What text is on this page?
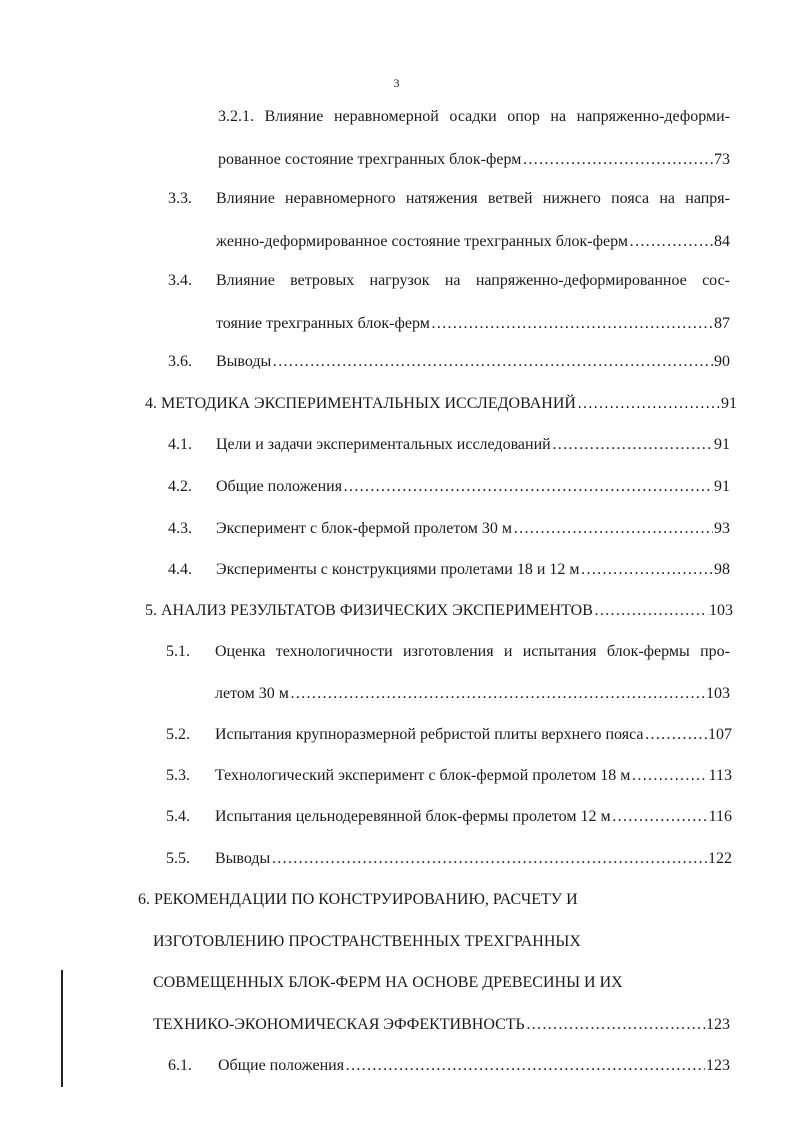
3
3.2.1. Влияние неравномерной осадки опор на напряженно-деформи-
рованное состояние трехгранных блок-ферм …………………………………………………………………………………………………………………………………………………………	73
3.3. Влияние неравномерного натяжения ветвей нижнего пояса на напря-
женно-деформированное состояние трехгранных блок-ферм …………………………………………………………………………………………………………………………………………………………	84
3.4. Влияние ветровых нагрузок на напряженно-деформированное сос-
тояние трехгранных блок-ферм …………………………………………………………………………………………………………………………………………………………	87
3.6. Выводы …………………………………………………………………………………………………………………………………………………………	90
4. МЕТОДИКА ЭКСПЕРИМЕНТАЛЬНЫХ ИССЛЕДОВАНИЙ …………………………………………………………………………………………………………………………………………………………	91
4.1. Цели и задачи экспериментальных исследований …………………………………………………………………………………………………………………………………………………………	91
4.2. Общие положения …………………………………………………………………………………………………………………………………………………………	91
4.3. Эксперимент с блок-фермой пролетом 30 м …………………………………………………………………………………………………………………………………………………………	93
4.4. Эксперименты с конструкциями пролетами 18 и 12 м …………………………………………………………………………………………………………………………………………………………	98
5. АНАЛИЗ РЕЗУЛЬТАТОВ ФИЗИЧЕСКИХ ЭКСПЕРИМЕНТОВ …………………………………………………………………………………………………………………………………………………………	103
5.1. Оценка технологичности изготовления и испытания блок-фермы про-
летом 30 м …………………………………………………………………………………………………………………………………………………………	103
5.2. Испытания крупноразмерной ребристой плиты верхнего пояса …………………………………………………………………………………………………………………………………………………………	107
5.3. Технологический эксперимент с блок-фермой пролетом 18 м …………………………………………………………………………………………………………………………………………………………	113
5.4. Испытания цельнодеревянной блок-фермы пролетом 12 м …………………………………………………………………………………………………………………………………………………………	116
5.5. Выводы …………………………………………………………………………………………………………………………………………………………	122
6. РЕКОМЕНДАЦИИ ПО КОНСТРУИРОВАНИЮ, РАСЧЕТУ И
ИЗГОТОВЛЕНИЮ ПРОСТРАНСТВЕННЫХ ТРЕХГРАННЫХ
СОВМЕЩЕННЫХ БЛОК-ФЕРМ НА ОСНОВЕ ДРЕВЕСИНЫ И ИХ
ТЕХНИКО-ЭКОНОМИЧЕСКАЯ ЭФФЕКТИВНОСТЬ …………………………………………………………………………………………………………………………………………………………	123
6.1. Общие положения …………………………………………………………………………………………………………………………………………………………	123
